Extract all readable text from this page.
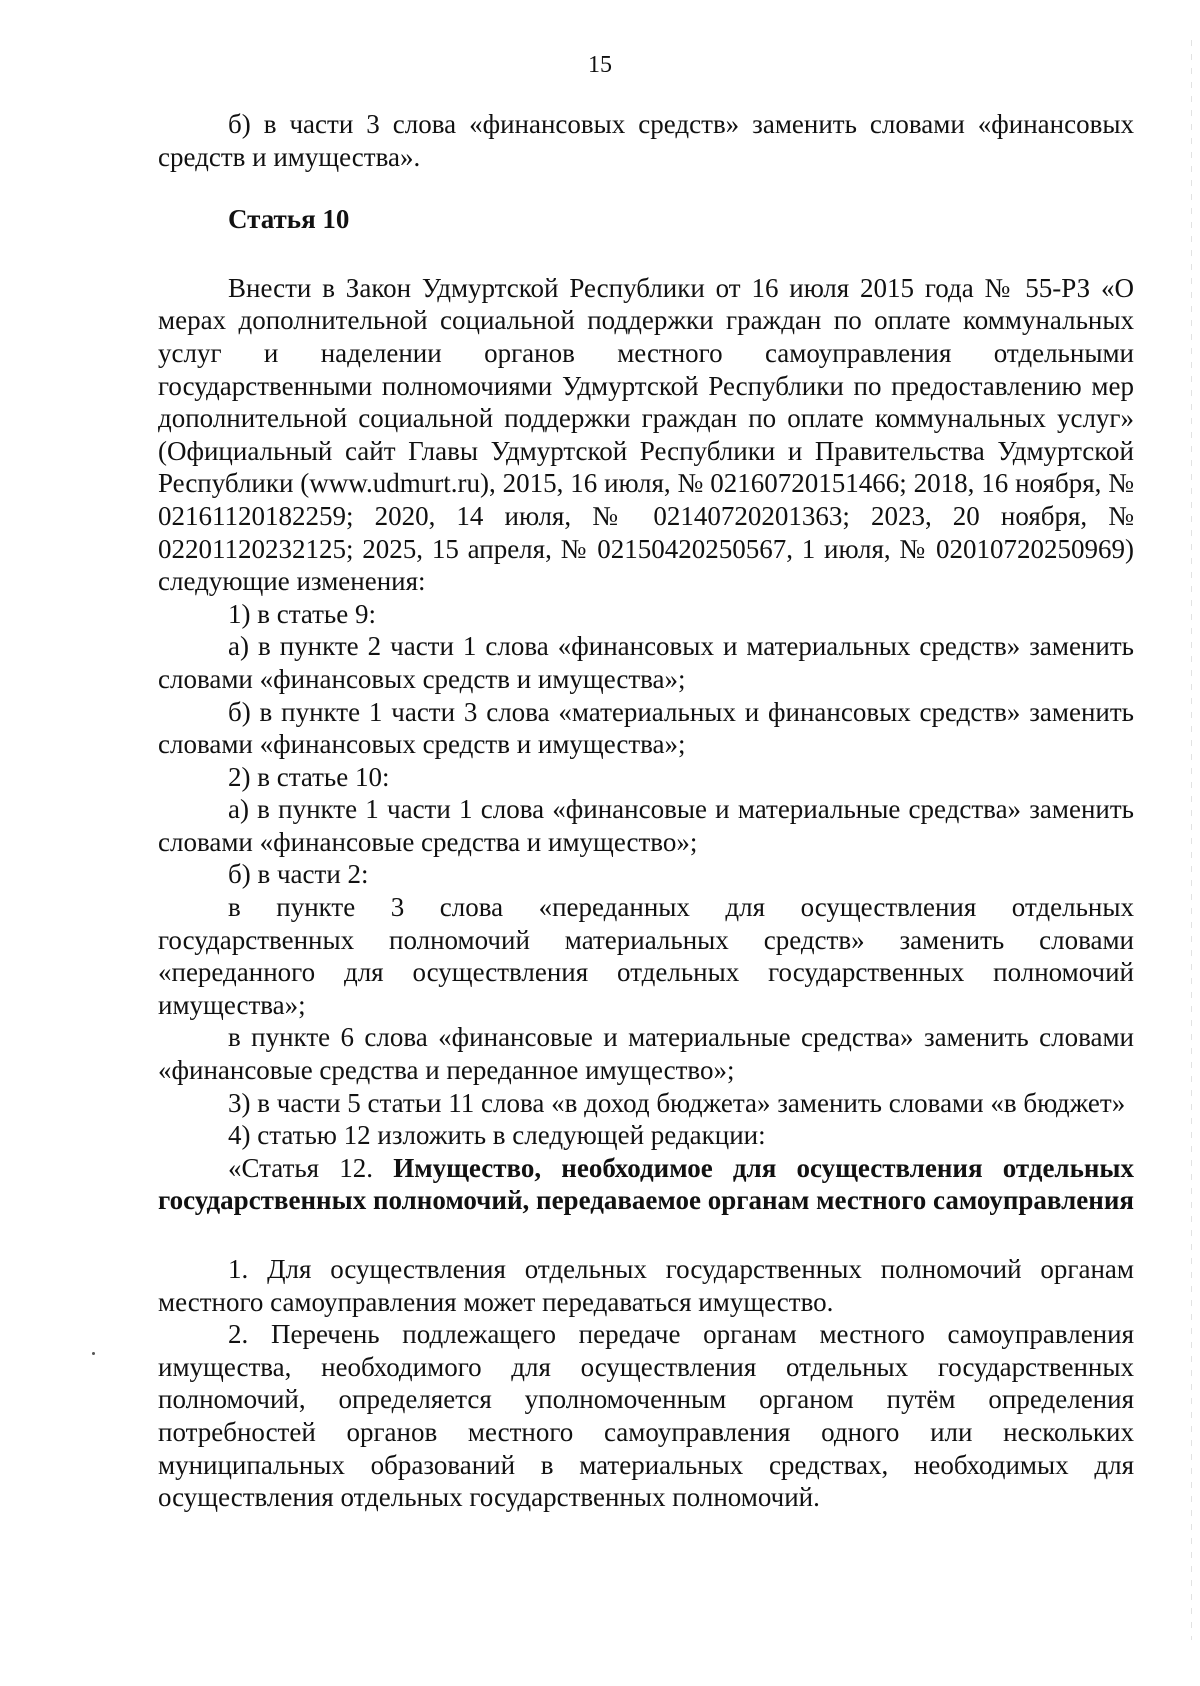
15

б) в части 3 слова «финансовых средств» заменить словами «финансовых средств и имущества».

Статья 10

Внести в Закон Удмуртской Республики от 16 июля 2015 года № 55-РЗ «О мерах дополнительной социальной поддержки граждан по оплате коммунальных услуг и наделении органов местного самоуправления отдельными государственными полномочиями Удмуртской Республики по предоставлению мер дополнительной социальной поддержки граждан по оплате коммунальных услуг» (Официальный сайт Главы Удмуртской Республики и Правительства Удмуртской Республики (www.udmurt.ru), 2015, 16 июля, № 02160720151466; 2018, 16 ноября, № 02161120182259; 2020, 14 июля, № 02140720201363; 2023, 20 ноября, № 02201120232125; 2025, 15 апреля, № 02150420250567, 1 июля, № 02010720250969) следующие изменения:

1) в статье 9:

а) в пункте 2 части 1 слова «финансовых и материальных средств» заменить словами «финансовых средств и имущества»;

б) в пункте 1 части 3 слова «материальных и финансовых средств» заменить словами «финансовых средств и имущества»;

2) в статье 10:

а) в пункте 1 части 1 слова «финансовые и материальные средства» заменить словами «финансовые средства и имущество»;

б) в части 2:

в пункте 3 слова «переданных для осуществления отдельных государственных полномочий материальных средств» заменить словами «переданного для осуществления отдельных государственных полномочий имущества»;

в пункте 6 слова «финансовые и материальные средства» заменить словами «финансовые средства и переданное имущество»;

3) в части 5 статьи 11 слова «в доход бюджета» заменить словами «в бюджет»

4) статью 12 изложить в следующей редакции:

«Статья 12. Имущество, необходимое для осуществления отдельных государственных полномочий, передаваемое органам местного самоуправления

1. Для осуществления отдельных государственных полномочий органам местного самоуправления может передаваться имущество.

2. Перечень подлежащего передаче органам местного самоуправления имущества, необходимого для осуществления отдельных государственных полномочий, определяется уполномоченным органом путём определения потребностей органов местного самоуправления одного или нескольких муниципальных образований в материальных средствах, необходимых для осуществления отдельных государственных полномочий.
